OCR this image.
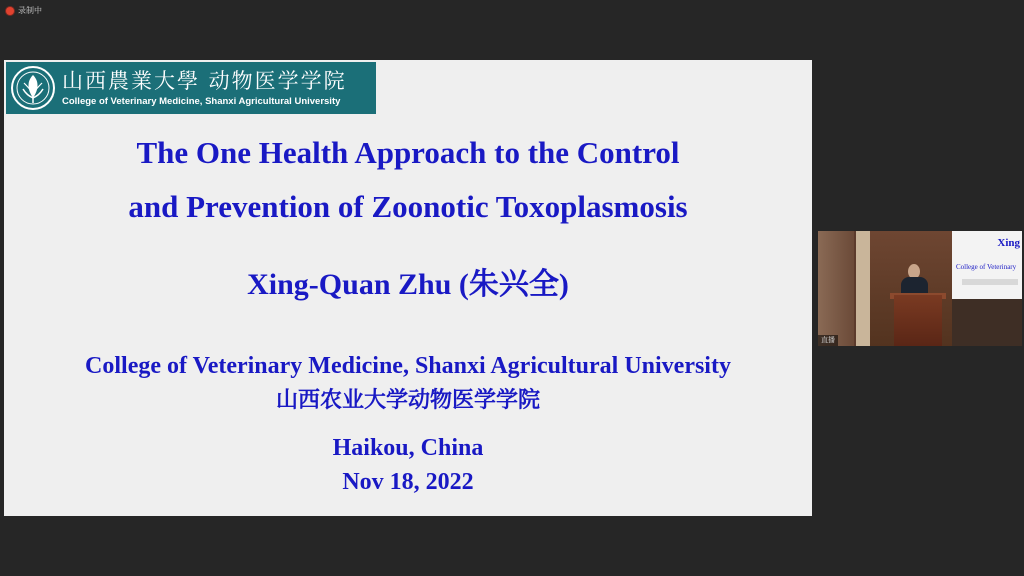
录制中
山西農業大學 动物医学学院
College of Veterinary Medicine, Shanxi Agricultural University
The One Health Approach to the Control
and Prevention of Zoonotic Toxoplasmosis
Xing-Quan Zhu (朱兴全)
College of Veterinary Medicine, Shanxi Agricultural University
山西农业大学动物医学学院
Haikou, China
Nov 18, 2022
Xing
College of Veterinary
直播
